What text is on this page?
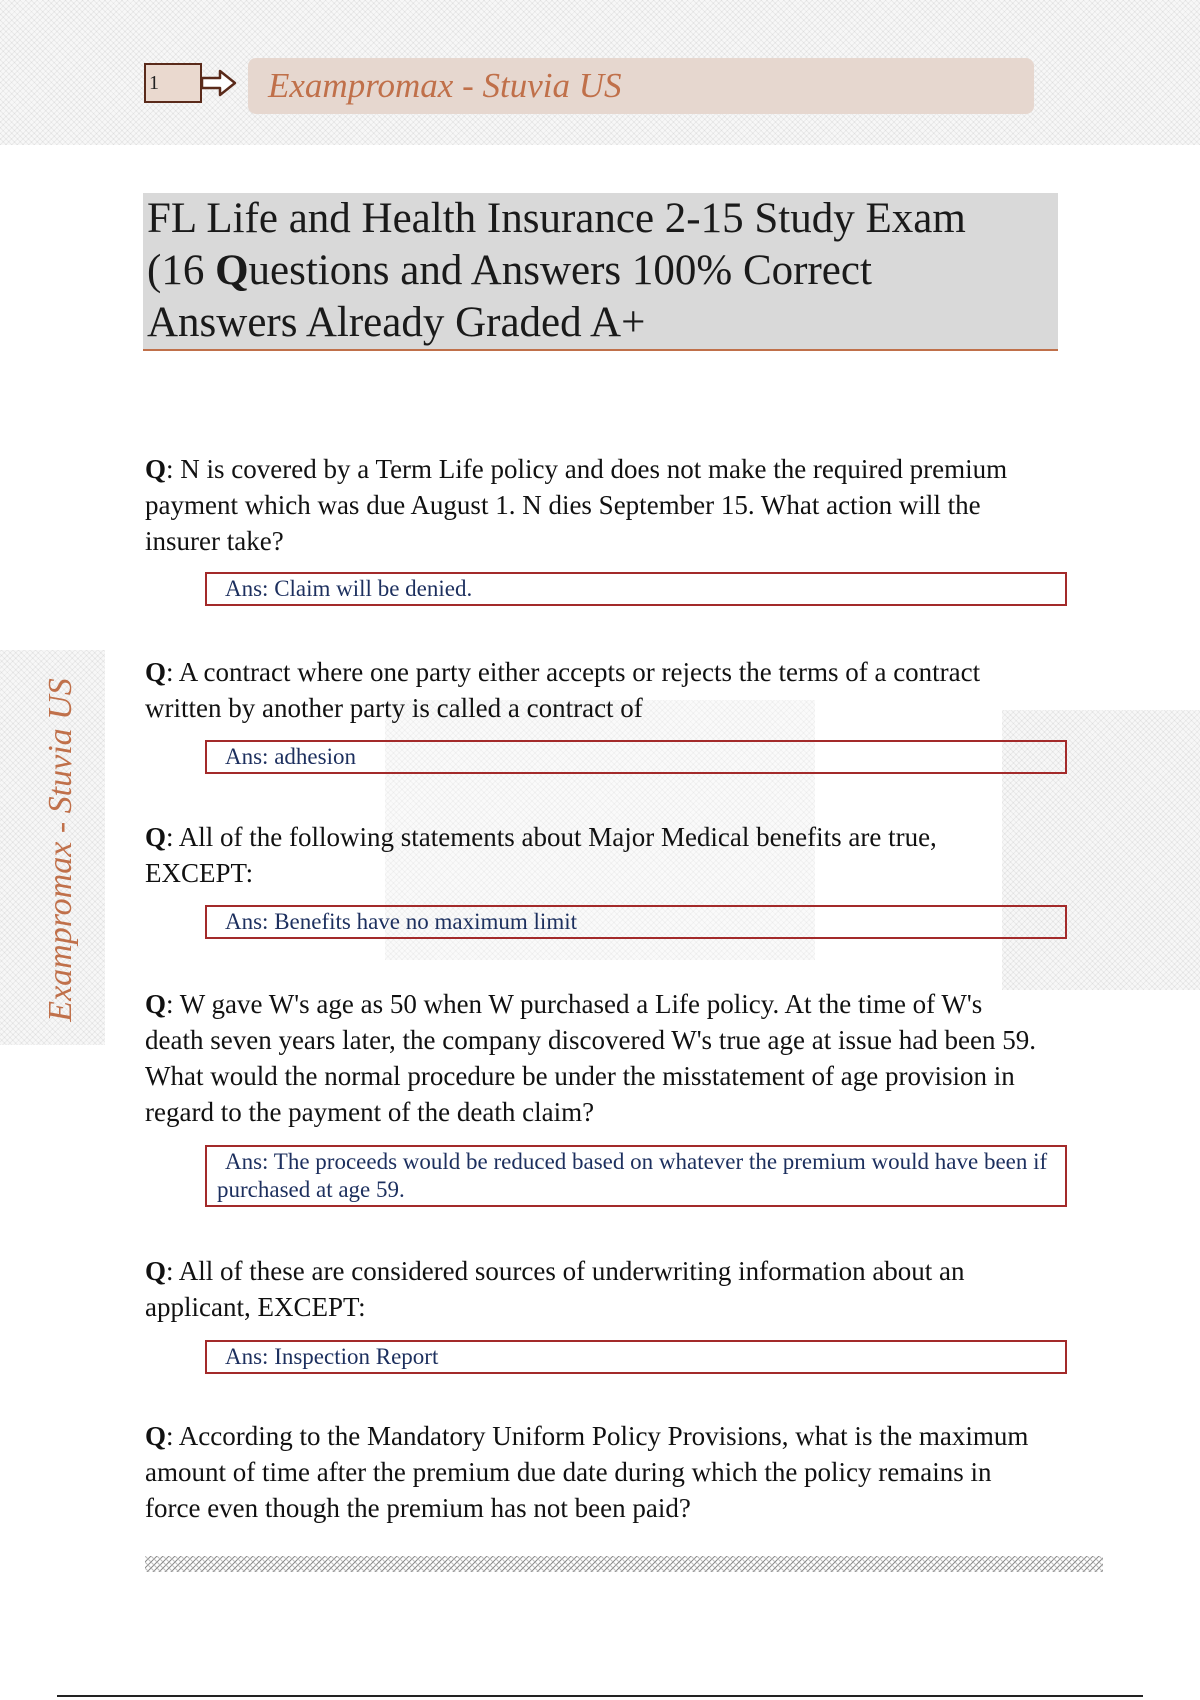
1	Exampromax - Stuvia US
FL Life and Health Insurance 2-15 Study Exam
(16 Questions and Answers 100% Correct
Answers Already Graded A+
Exampromax - Stuvia US
Q: N is covered by a Term Life policy and does not make the required premium payment which was due August 1. N dies September 15. What action will the insurer take?
Ans: Claim will be denied.
Q: A contract where one party either accepts or rejects the terms of a contract written by another party is called a contract of
Ans: adhesion
Q: All of the following statements about Major Medical benefits are true, EXCEPT:
Ans: Benefits have no maximum limit
Q: W gave W's age as 50 when W purchased a Life policy. At the time of W's death seven years later, the company discovered W's true age at issue had been 59. What would the normal procedure be under the misstatement of age provision in regard to the payment of the death claim?
Ans: The proceeds would be reduced based on whatever the premium would have been if purchased at age 59.
Q: All of these are considered sources of underwriting information about an applicant, EXCEPT:
Ans: Inspection Report
Q: According to the Mandatory Uniform Policy Provisions, what is the maximum amount of time after the premium due date during which the policy remains in force even though the premium has not been paid?
